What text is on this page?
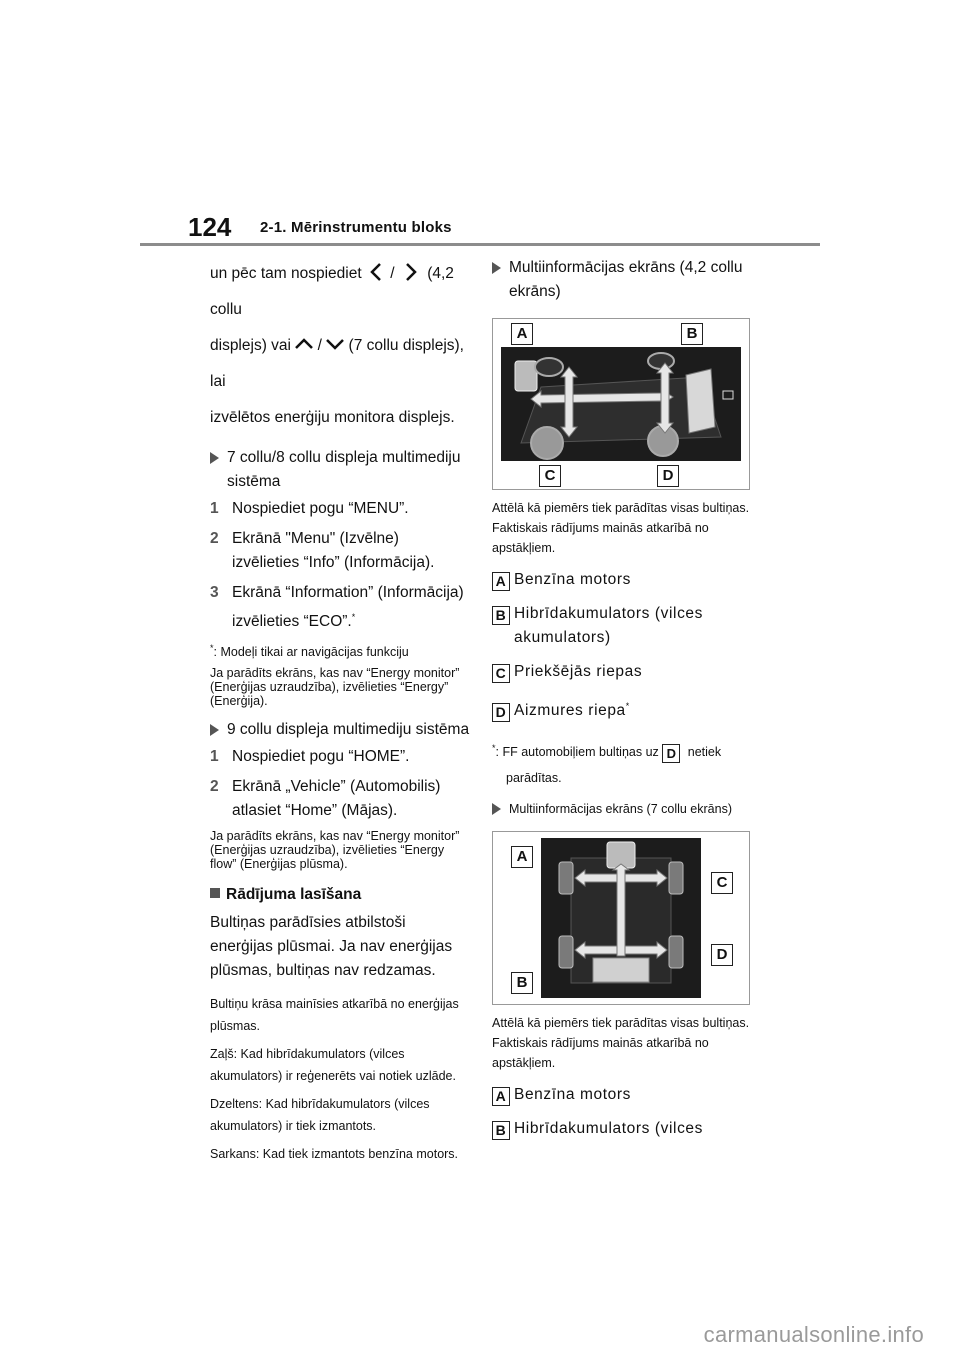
124 2-1. Mērinstrumentu bloks

un pēc tam nospiediet / (4,2 collu
displejs) vai / (7 collu displejs), lai
izvēlētos enerģiju monitora displejs.

7 collu/8 collu displeja multimediju sistēma
1 Nospiediet pogu “MENU”.
2 Ekrānā "Menu" (Izvēlne) izvēlieties “Info” (Informācija).
3 Ekrānā “Information” (Informācija) izvēlieties “ECO”.*

*: Modeļi tikai ar navigācijas funkciju

Ja parādīts ekrāns, kas nav “Energy monitor” (Enerģijas uzraudzība), izvēlieties “Energy” (Enerģija).

9 collu displeja multimediju sistēma
1 Nospiediet pogu “HOME”.
2 Ekrānā „Vehicle” (Automobilis) atlasiet “Home” (Mājas).

Ja parādīts ekrāns, kas nav “Energy monitor” (Enerģijas uzraudzība), izvēlieties “Energy flow” (Enerģijas plūsma).

Rādījuma lasīšana

Bultiņas parādīsies atbilstoši enerģijas plūsmai. Ja nav enerģijas plūsmas, bultiņas nav redzamas.

Bultiņu krāsa mainīsies atkarībā no enerģijas plūsmas.

Zaļš: Kad hibrīdakumulators (vilces akumulators) ir reģenerēts vai notiek uzlāde.

Dzeltens: Kad hibrīdakumulators (vilces akumulators) ir tiek izmantots.

Sarkans: Kad tiek izmantots benzīna motors.

Multiinformācijas ekrāns (4,2 collu ekrāns)
A	B
C	D

Attēlā kā piemērs tiek parādītas visas bultiņas. Faktiskais rādījums mainās atkarībā no apstākļiem.

A Benzīna motors
B Hibrīdakumulators (vilces
akumulators)
C Priekšējās riepas
D Aizmures riepa*

*: FF automobiļiem bultiņas uz D netiek
parādītas.

Multiinformācijas ekrāns (7 collu ekrāns)
A
B
C
D

Attēlā kā piemērs tiek parādītas visas bultiņas. Faktiskais rādījums mainās atkarībā no apstākļiem.

A Benzīna motors
B Hibrīdakumulators (vilces
carmanualsonline.info
